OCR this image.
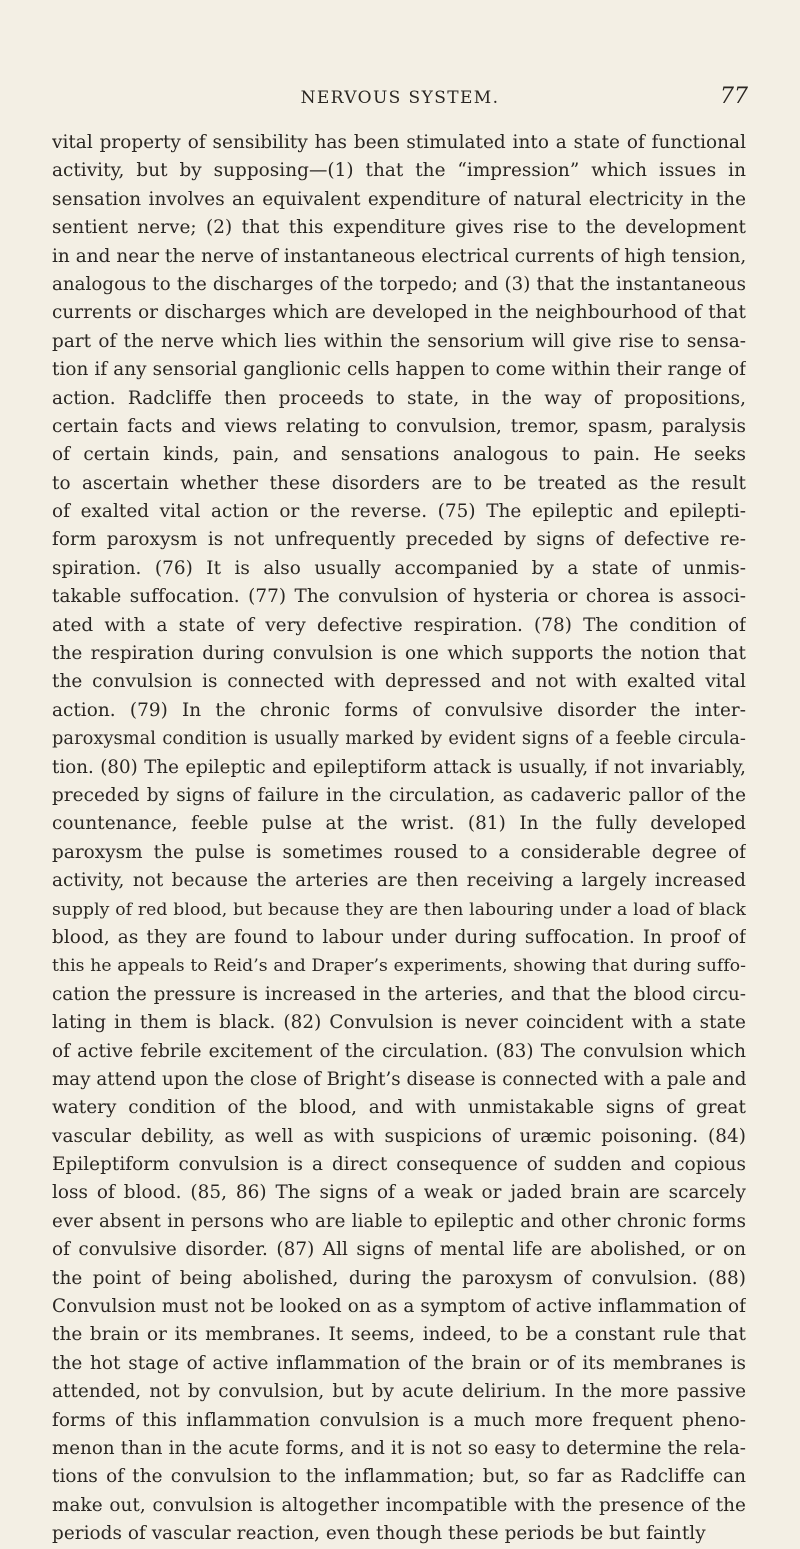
NERVOUS SYSTEM.	77
vital property of sensibility has been stimulated into a state of functional
activity, but by supposing—(1) that the “impression” which issues in
sensation involves an equivalent expenditure of natural electricity in the
sentient nerve; (2) that this expenditure gives rise to the development
in and near the nerve of instantaneous electrical currents of high tension,
analogous to the discharges of the torpedo; and (3) that the instantaneous
currents or discharges which are developed in the neighbourhood of that
part of the nerve which lies within the sensorium will give rise to sensa-
tion if any sensorial ganglionic cells happen to come within their range of
action. Radcliffe then proceeds to state, in the way of propositions,
certain facts and views relating to convulsion, tremor, spasm, paralysis
of certain kinds, pain, and sensations analogous to pain. He seeks
to ascertain whether these disorders are to be treated as the result
of exalted vital action or the reverse. (75) The epileptic and epilepti-
form paroxysm is not unfrequently preceded by signs of defective re-
spiration. (76) It is also usually accompanied by a state of unmis-
takable suffocation. (77) The convulsion of hysteria or chorea is associ-
ated with a state of very defective respiration. (78) The condition of
the respiration during convulsion is one which supports the notion that
the convulsion is connected with depressed and not with exalted vital
action. (79) In the chronic forms of convulsive disorder the inter-
paroxysmal condition is usually marked by evident signs of a feeble circula-
tion. (80) The epileptic and epileptiform attack is usually, if not invariably,
preceded by signs of failure in the circulation, as cadaveric pallor of the
countenance, feeble pulse at the wrist. (81) In the fully developed
paroxysm the pulse is sometimes roused to a considerable degree of
activity, not because the arteries are then receiving a largely increased
supply of red blood, but because they are then labouring under a load of black
blood, as they are found to labour under during suffocation. In proof of
this he appeals to Reid’s and Draper’s experiments, showing that during suffo-
cation the pressure is increased in the arteries, and that the blood circu-
lating in them is black. (82) Convulsion is never coincident with a state
of active febrile excitement of the circulation. (83) The convulsion which
may attend upon the close of Bright’s disease is connected with a pale and
watery condition of the blood, and with unmistakable signs of great
vascular debility, as well as with suspicions of uræmic poisoning. (84)
Epileptiform convulsion is a direct consequence of sudden and copious
loss of blood. (85, 86) The signs of a weak or jaded brain are scarcely
ever absent in persons who are liable to epileptic and other chronic forms
of convulsive disorder. (87) All signs of mental life are abolished, or on
the point of being abolished, during the paroxysm of convulsion. (88)
Convulsion must not be looked on as a symptom of active inflammation of
the brain or its membranes. It seems, indeed, to be a constant rule that
the hot stage of active inflammation of the brain or of its membranes is
attended, not by convulsion, but by acute delirium. In the more passive
forms of this inflammation convulsion is a much more frequent pheno-
menon than in the acute forms, and it is not so easy to determine the rela-
tions of the convulsion to the inflammation; but, so far as Radcliffe can
make out, convulsion is altogether incompatible with the presence of the
periods of vascular reaction, even though these periods be but faintly
